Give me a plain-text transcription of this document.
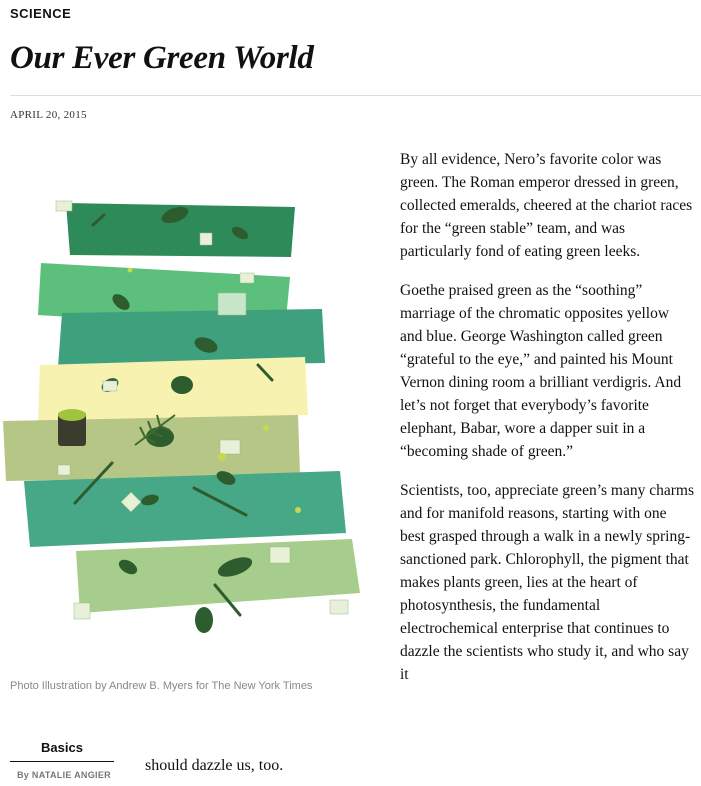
SCIENCE
Our Ever Green World
APRIL 20, 2015
Photo Illustration by Andrew B. Myers for The New York Times
Basics
By NATALIE ANGIER
should dazzle us, too.

By all evidence, Nero’s favorite color was green. The Roman emperor dressed in green, collected emeralds, cheered at the chariot races for the “green stable” team, and was particularly fond of eating green leeks.

Goethe praised green as the “soothing” marriage of the chromatic opposites yellow and blue. George Washington called green “grateful to the eye,” and painted his Mount Vernon dining room a brilliant verdigris. And let’s not forget that everybody’s favorite elephant, Babar, wore a dapper suit in a “becoming shade of green.”

Scientists, too, appreciate green’s many charms and for manifold reasons, starting with one best grasped through a walk in a newly spring-sanctioned park. Chlorophyll, the pigment that makes plants green, lies at the heart of photosynthesis, the fundamental electrochemical enterprise that continues to dazzle the scientists who study it, and who say it
